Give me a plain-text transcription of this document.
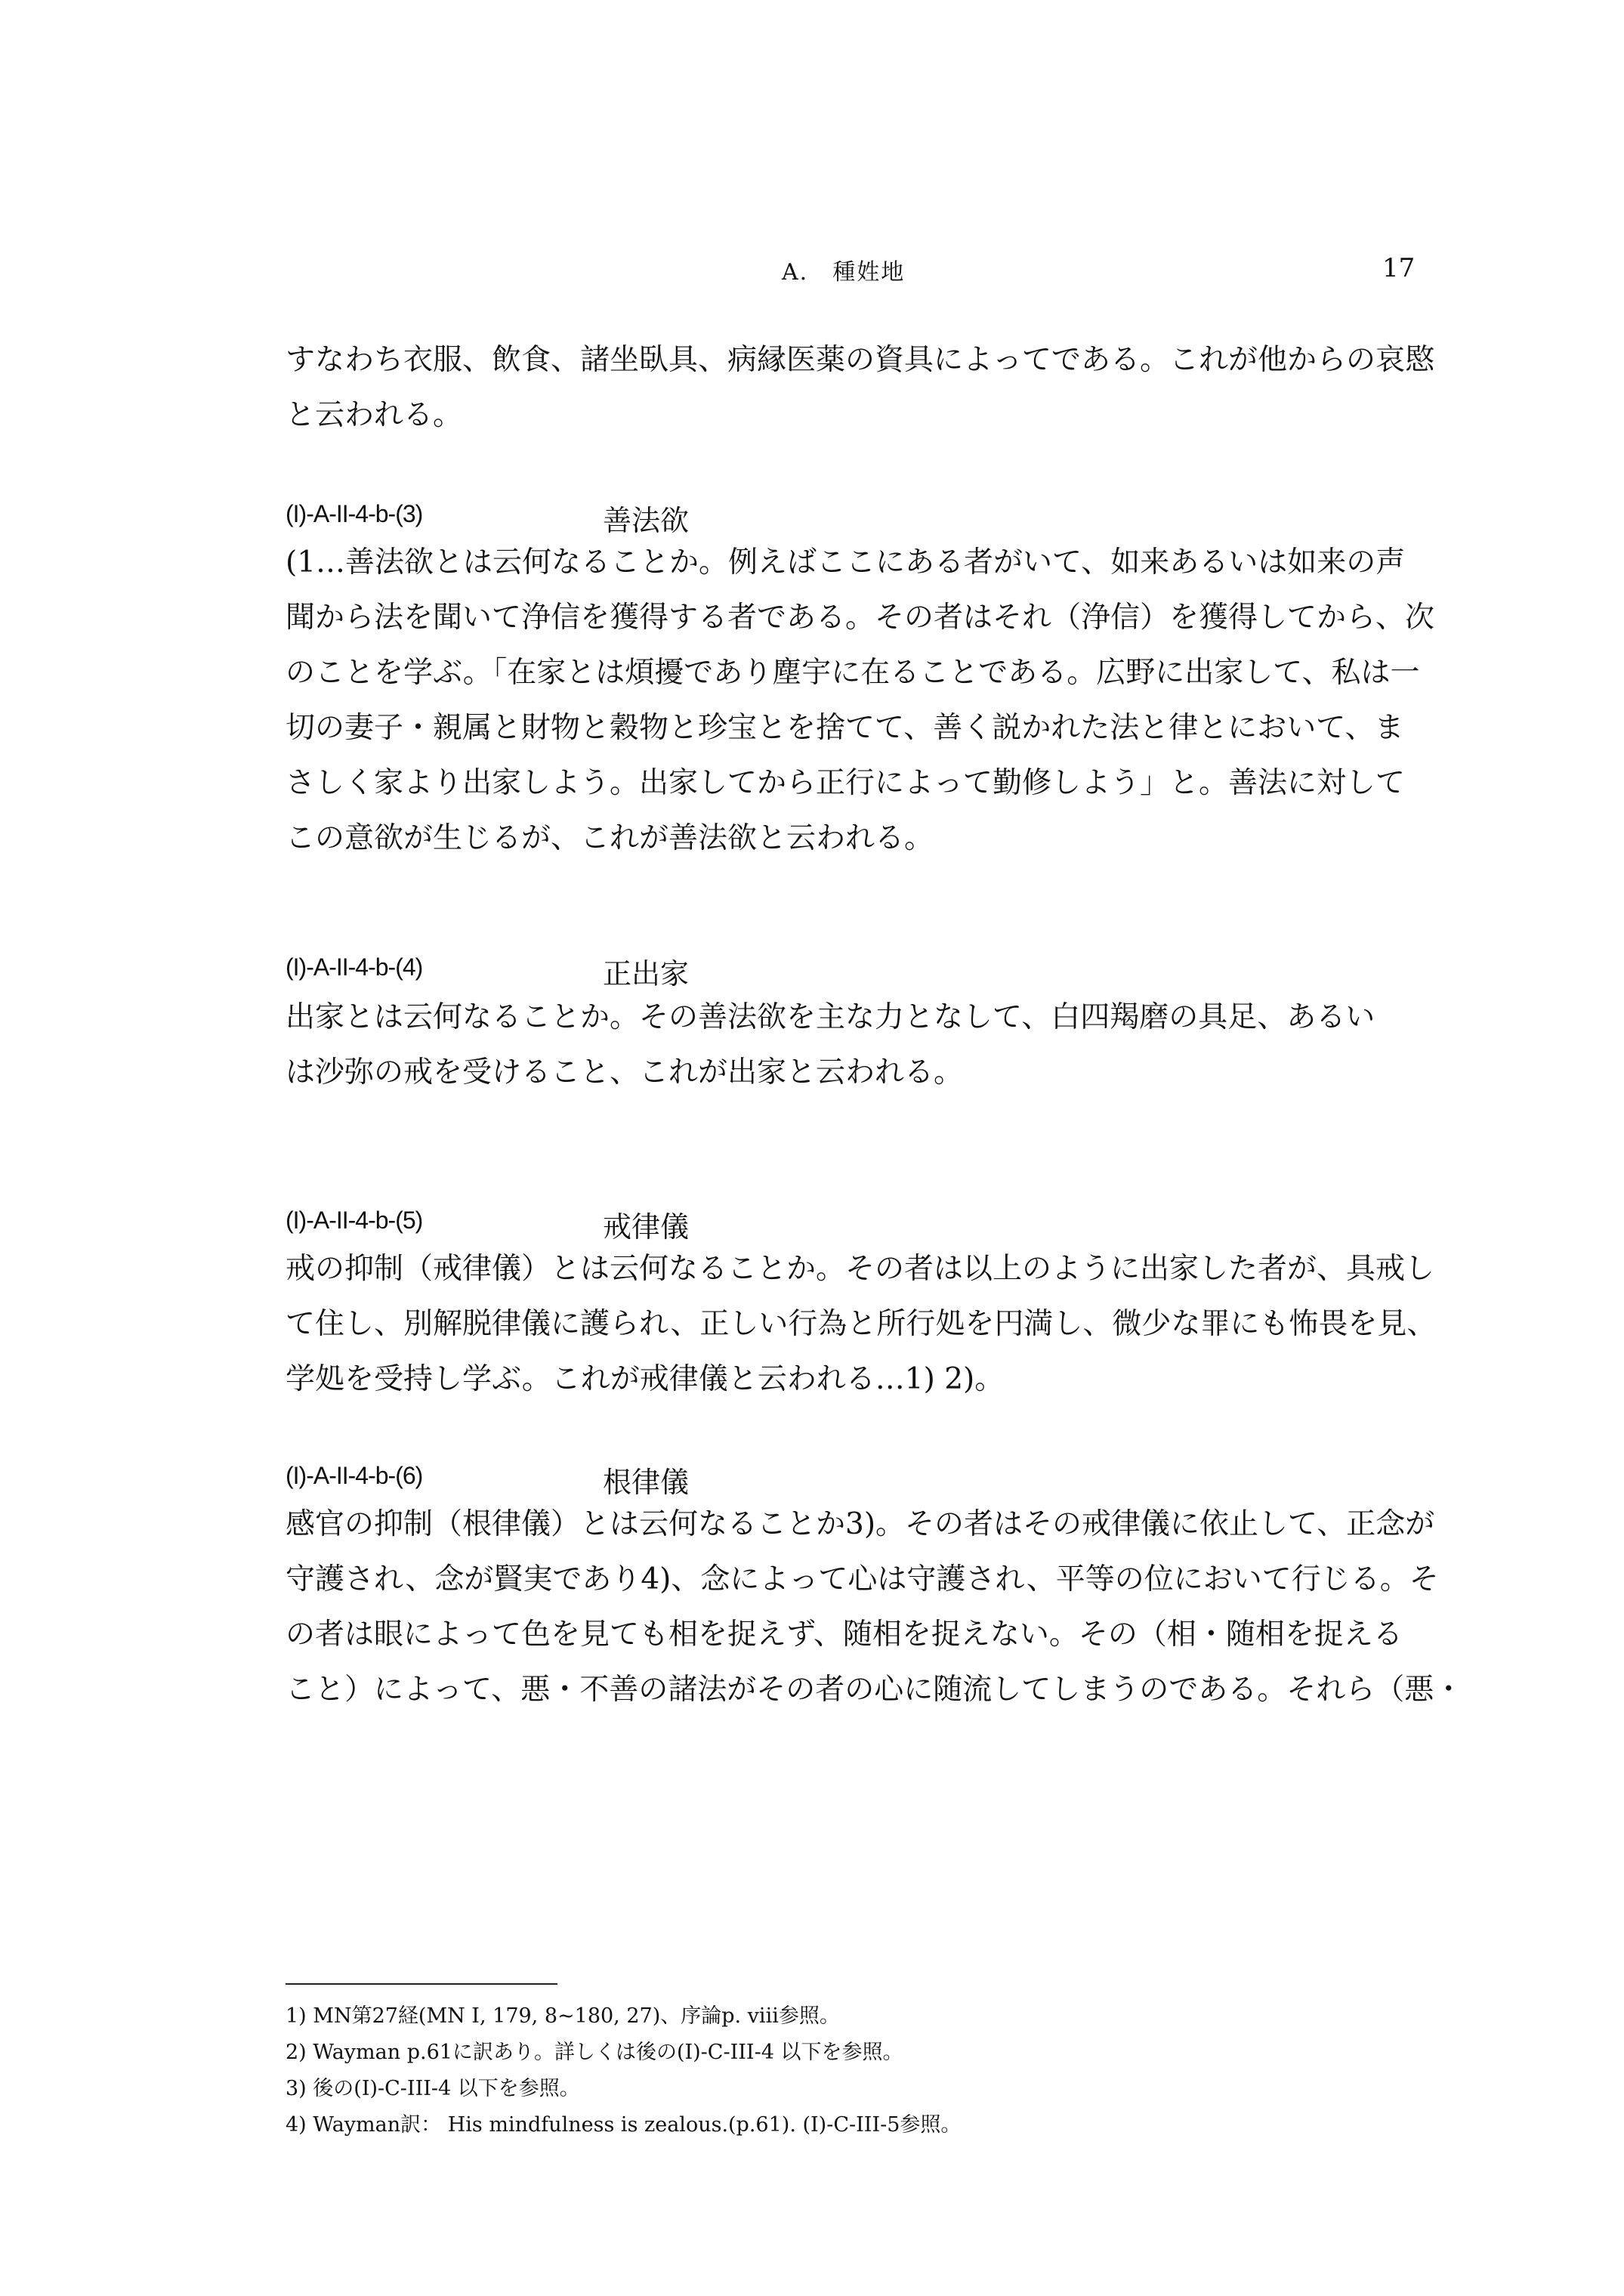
A.　種姓地	17

すなわち衣服、飲食、諸坐臥具、病縁医薬の資具によってである。これが他からの哀愍
と云われる。

(I)-A-II-4-b-(3)	善法欲

(1…善法欲とは云何なることか。例えばここにある者がいて、如来あるいは如来の声
聞から法を聞いて浄信を獲得する者である。その者はそれ（浄信）を獲得してから、次
のことを学ぶ。「在家とは煩擾であり塵宇に在ることである。広野に出家して、私は一
切の妻子・親属と財物と穀物と珍宝とを捨てて、善く説かれた法と律とにおいて、ま
さしく家より出家しよう。出家してから正行によって勤修しよう」と。善法に対して
この意欲が生じるが、これが善法欲と云われる。

(I)-A-II-4-b-(4)	正出家

出家とは云何なることか。その善法欲を主な力となして、白四羯磨の具足、あるい
は沙弥の戒を受けること、これが出家と云われる。

(I)-A-II-4-b-(5)	戒律儀

戒の抑制（戒律儀）とは云何なることか。その者は以上のように出家した者が、具戒し
て住し、別解脱律儀に護られ、正しい行為と所行処を円満し、微少な罪にも怖畏を見、
学処を受持し学ぶ。これが戒律儀と云われる…1) 2)。

(I)-A-II-4-b-(6)	根律儀

感官の抑制（根律儀）とは云何なることか3)。その者はその戒律儀に依止して、正念が
守護され、念が賢実であり4)、念によって心は守護され、平等の位において行じる。そ
の者は眼によって色を見ても相を捉えず、随相を捉えない。その（相・随相を捉える
こと）によって、悪・不善の諸法がその者の心に随流してしまうのである。それら（悪・

1) MN第27経(MN I, 179, 8~180, 27)、序論p. viii参照。
2) Wayman p.61に訳あり。詳しくは後の(I)-C-III-4 以下を参照。
3) 後の(I)-C-III-4 以下を参照。
4) Wayman訳： His mindfulness is zealous.(p.61). (I)-C-III-5参照。
